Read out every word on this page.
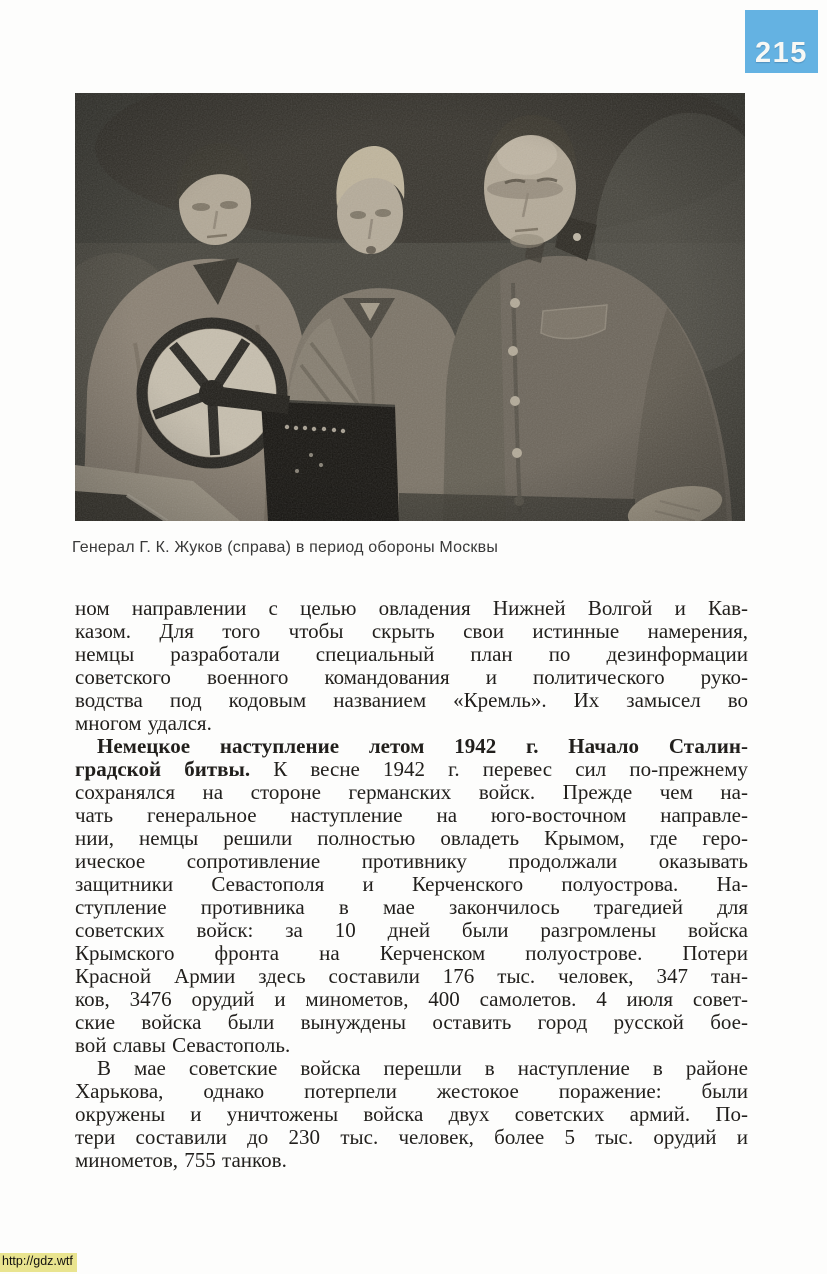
215
Генерал Г. К. Жуков (справа) в период обороны Москвы
ном направлении с целью овладения Нижней Волгой и Кав-
казом. Для того чтобы скрыть свои истинные намерения,
немцы разработали специальный план по дезинформации
советского военного командования и политического руко-
водства под кодовым названием «Кремль». Их замысел во
многом удался.
Немецкое наступление летом 1942 г. Начало Сталин-
градской битвы. К весне 1942 г. перевес сил по-прежнему
сохранялся на стороне германских войск. Прежде чем на-
чать генеральное наступление на юго-восточном направле-
нии, немцы решили полностью овладеть Крымом, где геро-
ическое сопротивление противнику продолжали оказывать
защитники Севастополя и Керченского полуострова. На-
ступление противника в мае закончилось трагедией для
советских войск: за 10 дней были разгромлены войска
Крымского фронта на Керченском полуострове. Потери
Красной Армии здесь составили 176 тыс. человек, 347 тан-
ков, 3476 орудий и минометов, 400 самолетов. 4 июля совет-
ские войска были вынуждены оставить город русской бое-
вой славы Севастополь.
В мае советские войска перешли в наступление в районе
Харькова, однако потерпели жестокое поражение: были
окружены и уничтожены войска двух советских армий. По-
тери составили до 230 тыс. человек, более 5 тыс. орудий и
минометов, 755 танков.
http://gdz.wtf
